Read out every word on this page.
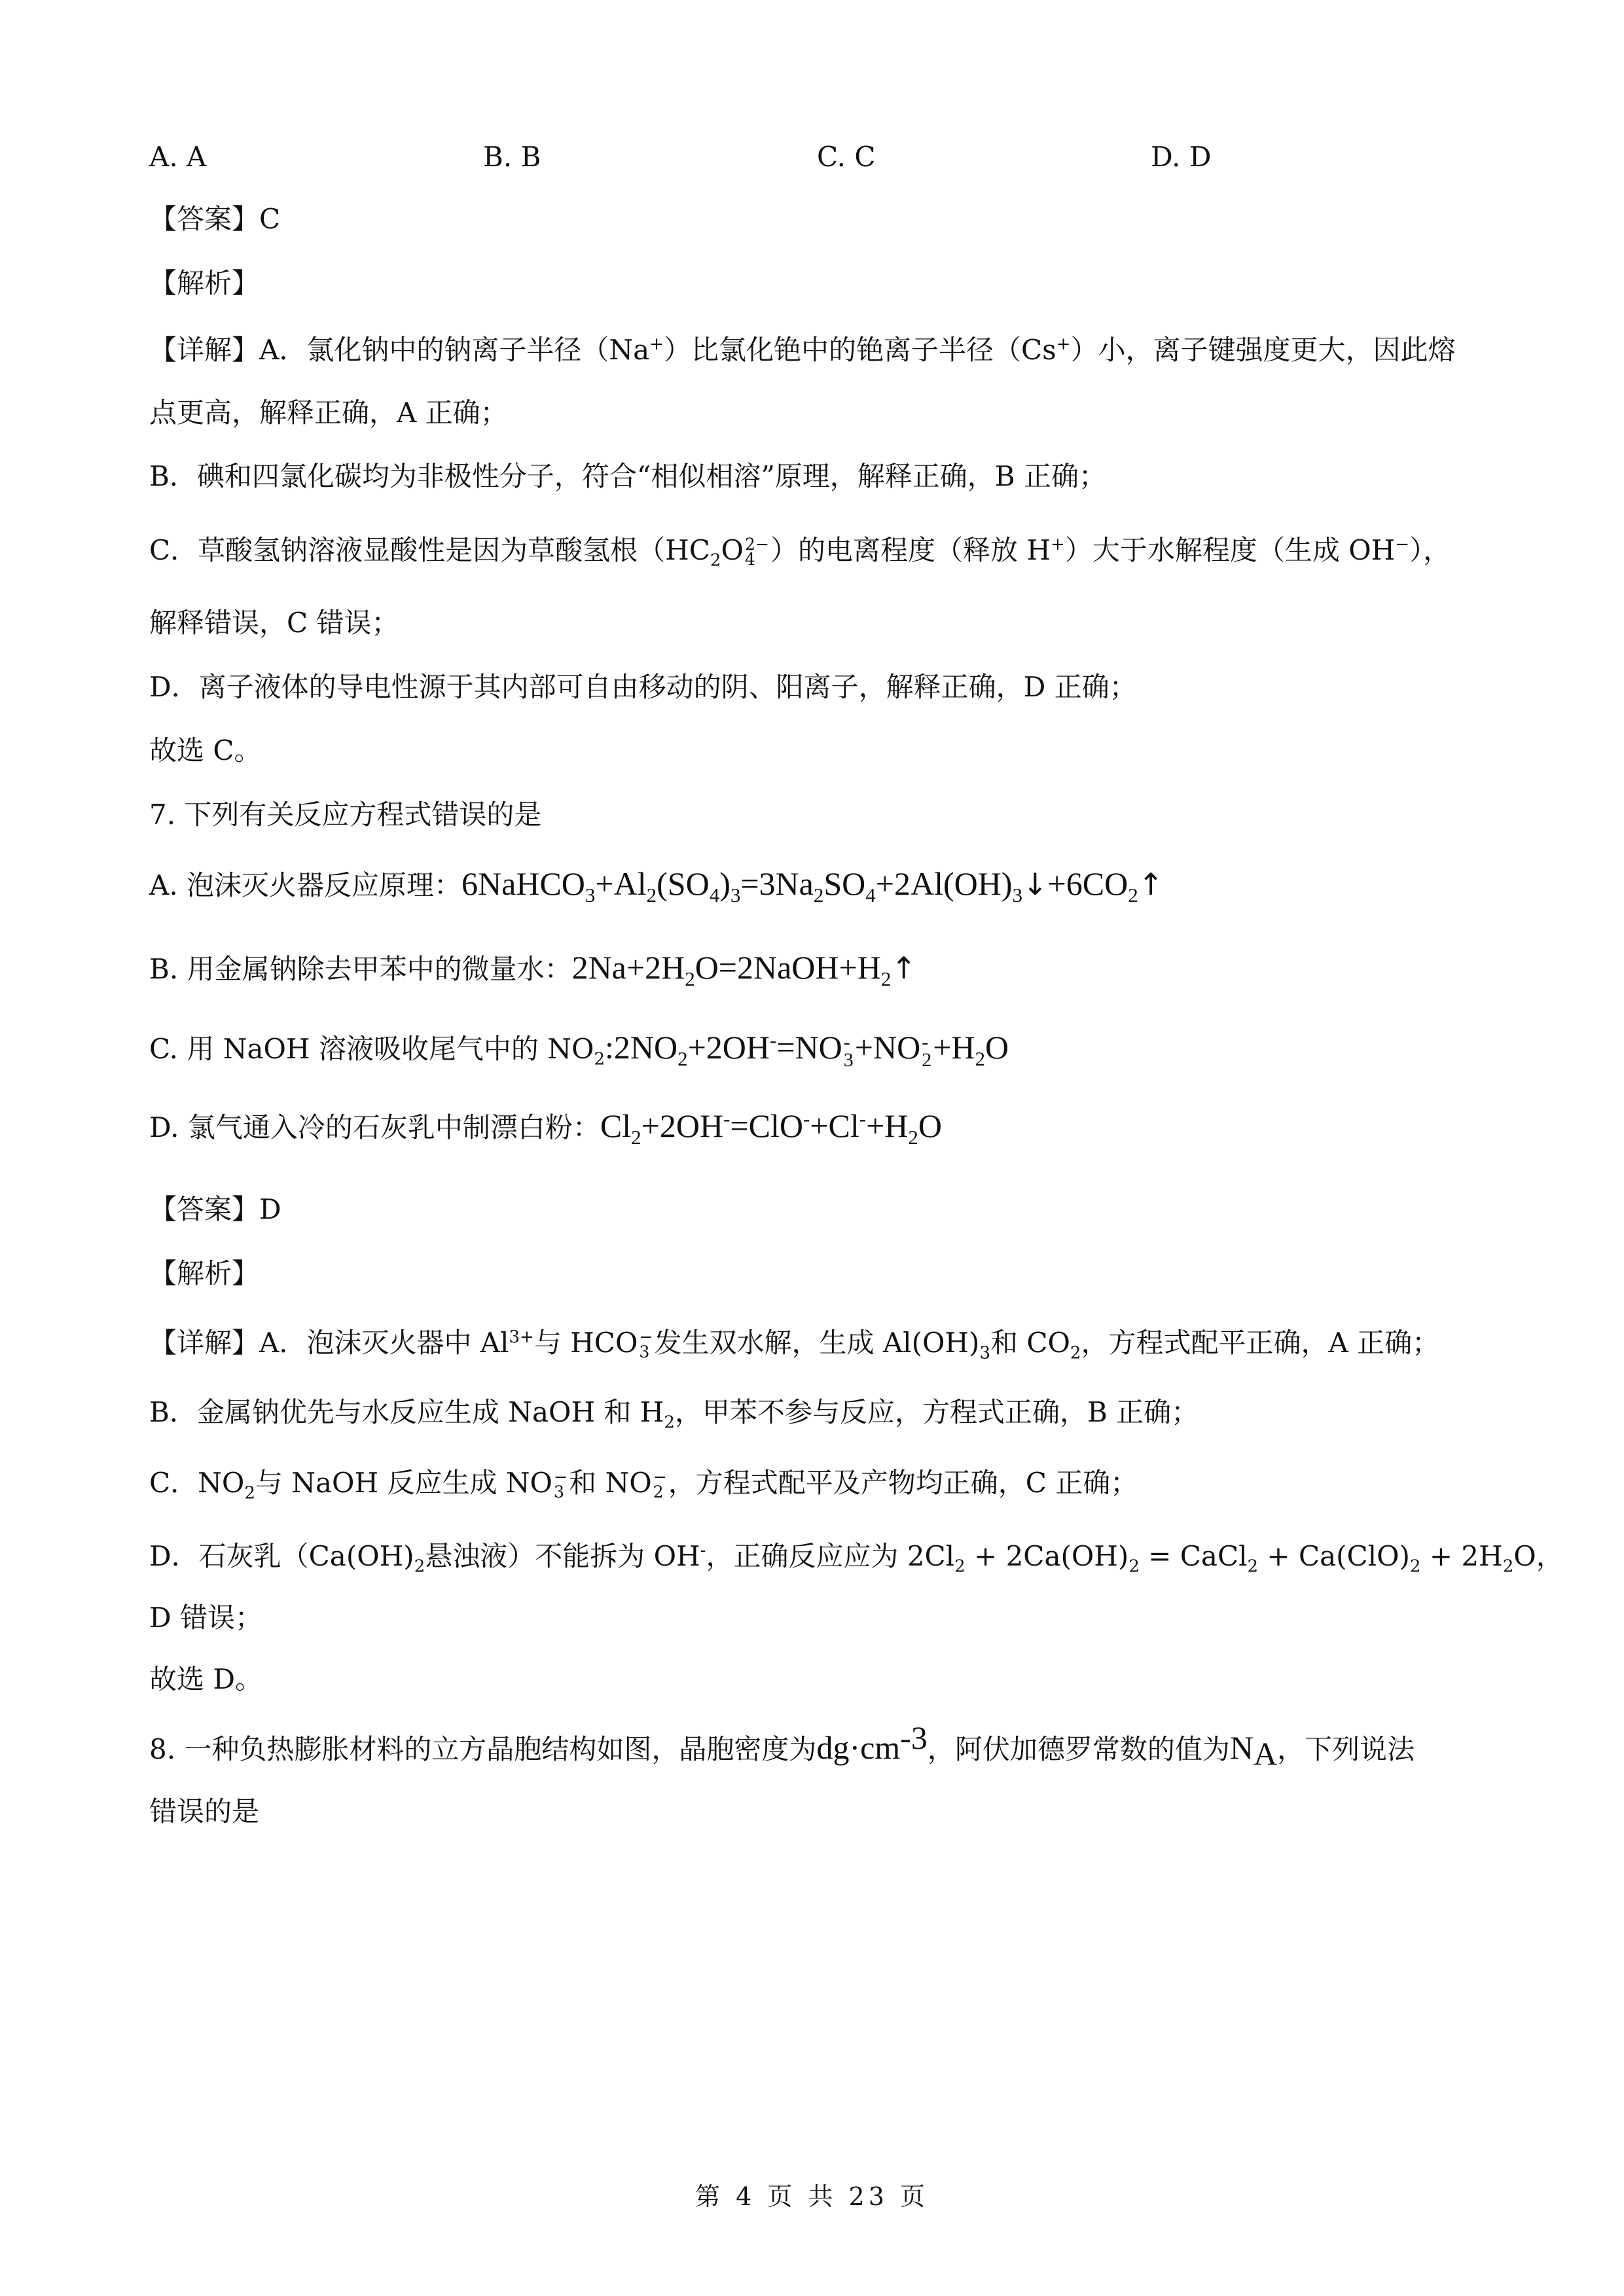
A. A	B. B	C. C	D. D
【答案】C
【解析】
【详解】A．氯化钠中的钠离子半径（Na+）比氯化铯中的铯离子半径（Cs+）小，离子键强度更大，因此熔
点更高，解释正确，A 正确；
B．碘和四氯化碳均为非极性分子，符合“相似相溶”原理，解释正确，B 正确；
C．草酸氢钠溶液显酸性是因为草酸氢根（$HC_2O$ 2−
4 ）的电离程度（释放 H+）大于水解程度（生成 OH−），
解释错误，C 错误；
D．离子液体的导电性源于其内部可自由移动的阴、阳离子，解释正确，D 正确；
故选 C。
7. 下列有关反应方程式错误的是
A. 泡沫灭火器反应原理：$6NaHCO_3+Al_2(SO_4)_3=3Na_2SO_4+2Al(OH)_3↓+6CO_2↑$
B. 用金属钠除去甲苯中的微量水：$2Na+2H_2O=2NaOH+H_2↑$
C. 用 NaOH 溶液吸收尾气中的 $NO_2:2NO_2+2OH^-=NO$ -
3 +NO -
$2 +H_2O$
D. 氯气通入冷的石灰乳中制漂白粉：$Cl_2+2OH^-=ClO^-+Cl^-+H_2O$
【答案】D
【解析】
【详解】A．泡沫灭火器中 $Al^{3+}$与 HCO −
3 发生双水解，生成 $Al(OH)_3$和 $CO_2$，方程式配平正确，A 正确；
B．金属钠优先与水反应生成 NaOH 和 $H_2$，甲苯不参与反应，方程式正确，B 正确；
C．$NO_2$与 NaOH 反应生成 NO −
3 和 NO −
2 ，方程式配平及产物均正确，C 正确；
D．石灰乳（$Ca(OH)_2$悬浊液）不能拆为 OH-，正确反应应为 $2Cl_2 + 2Ca(OH)_2$ = CaCl$_2$ + $Ca(ClO)_2 + 2H_2O$，
D 错误；
故选 D。
8. 一种负热膨胀材料的立方晶胞结构如图，晶胞密度为$dg\cdot cm^{-3}$，阿伏加德罗常数的值为$N_A$，下列说法
错误的是
第 4 页 共 23 页
